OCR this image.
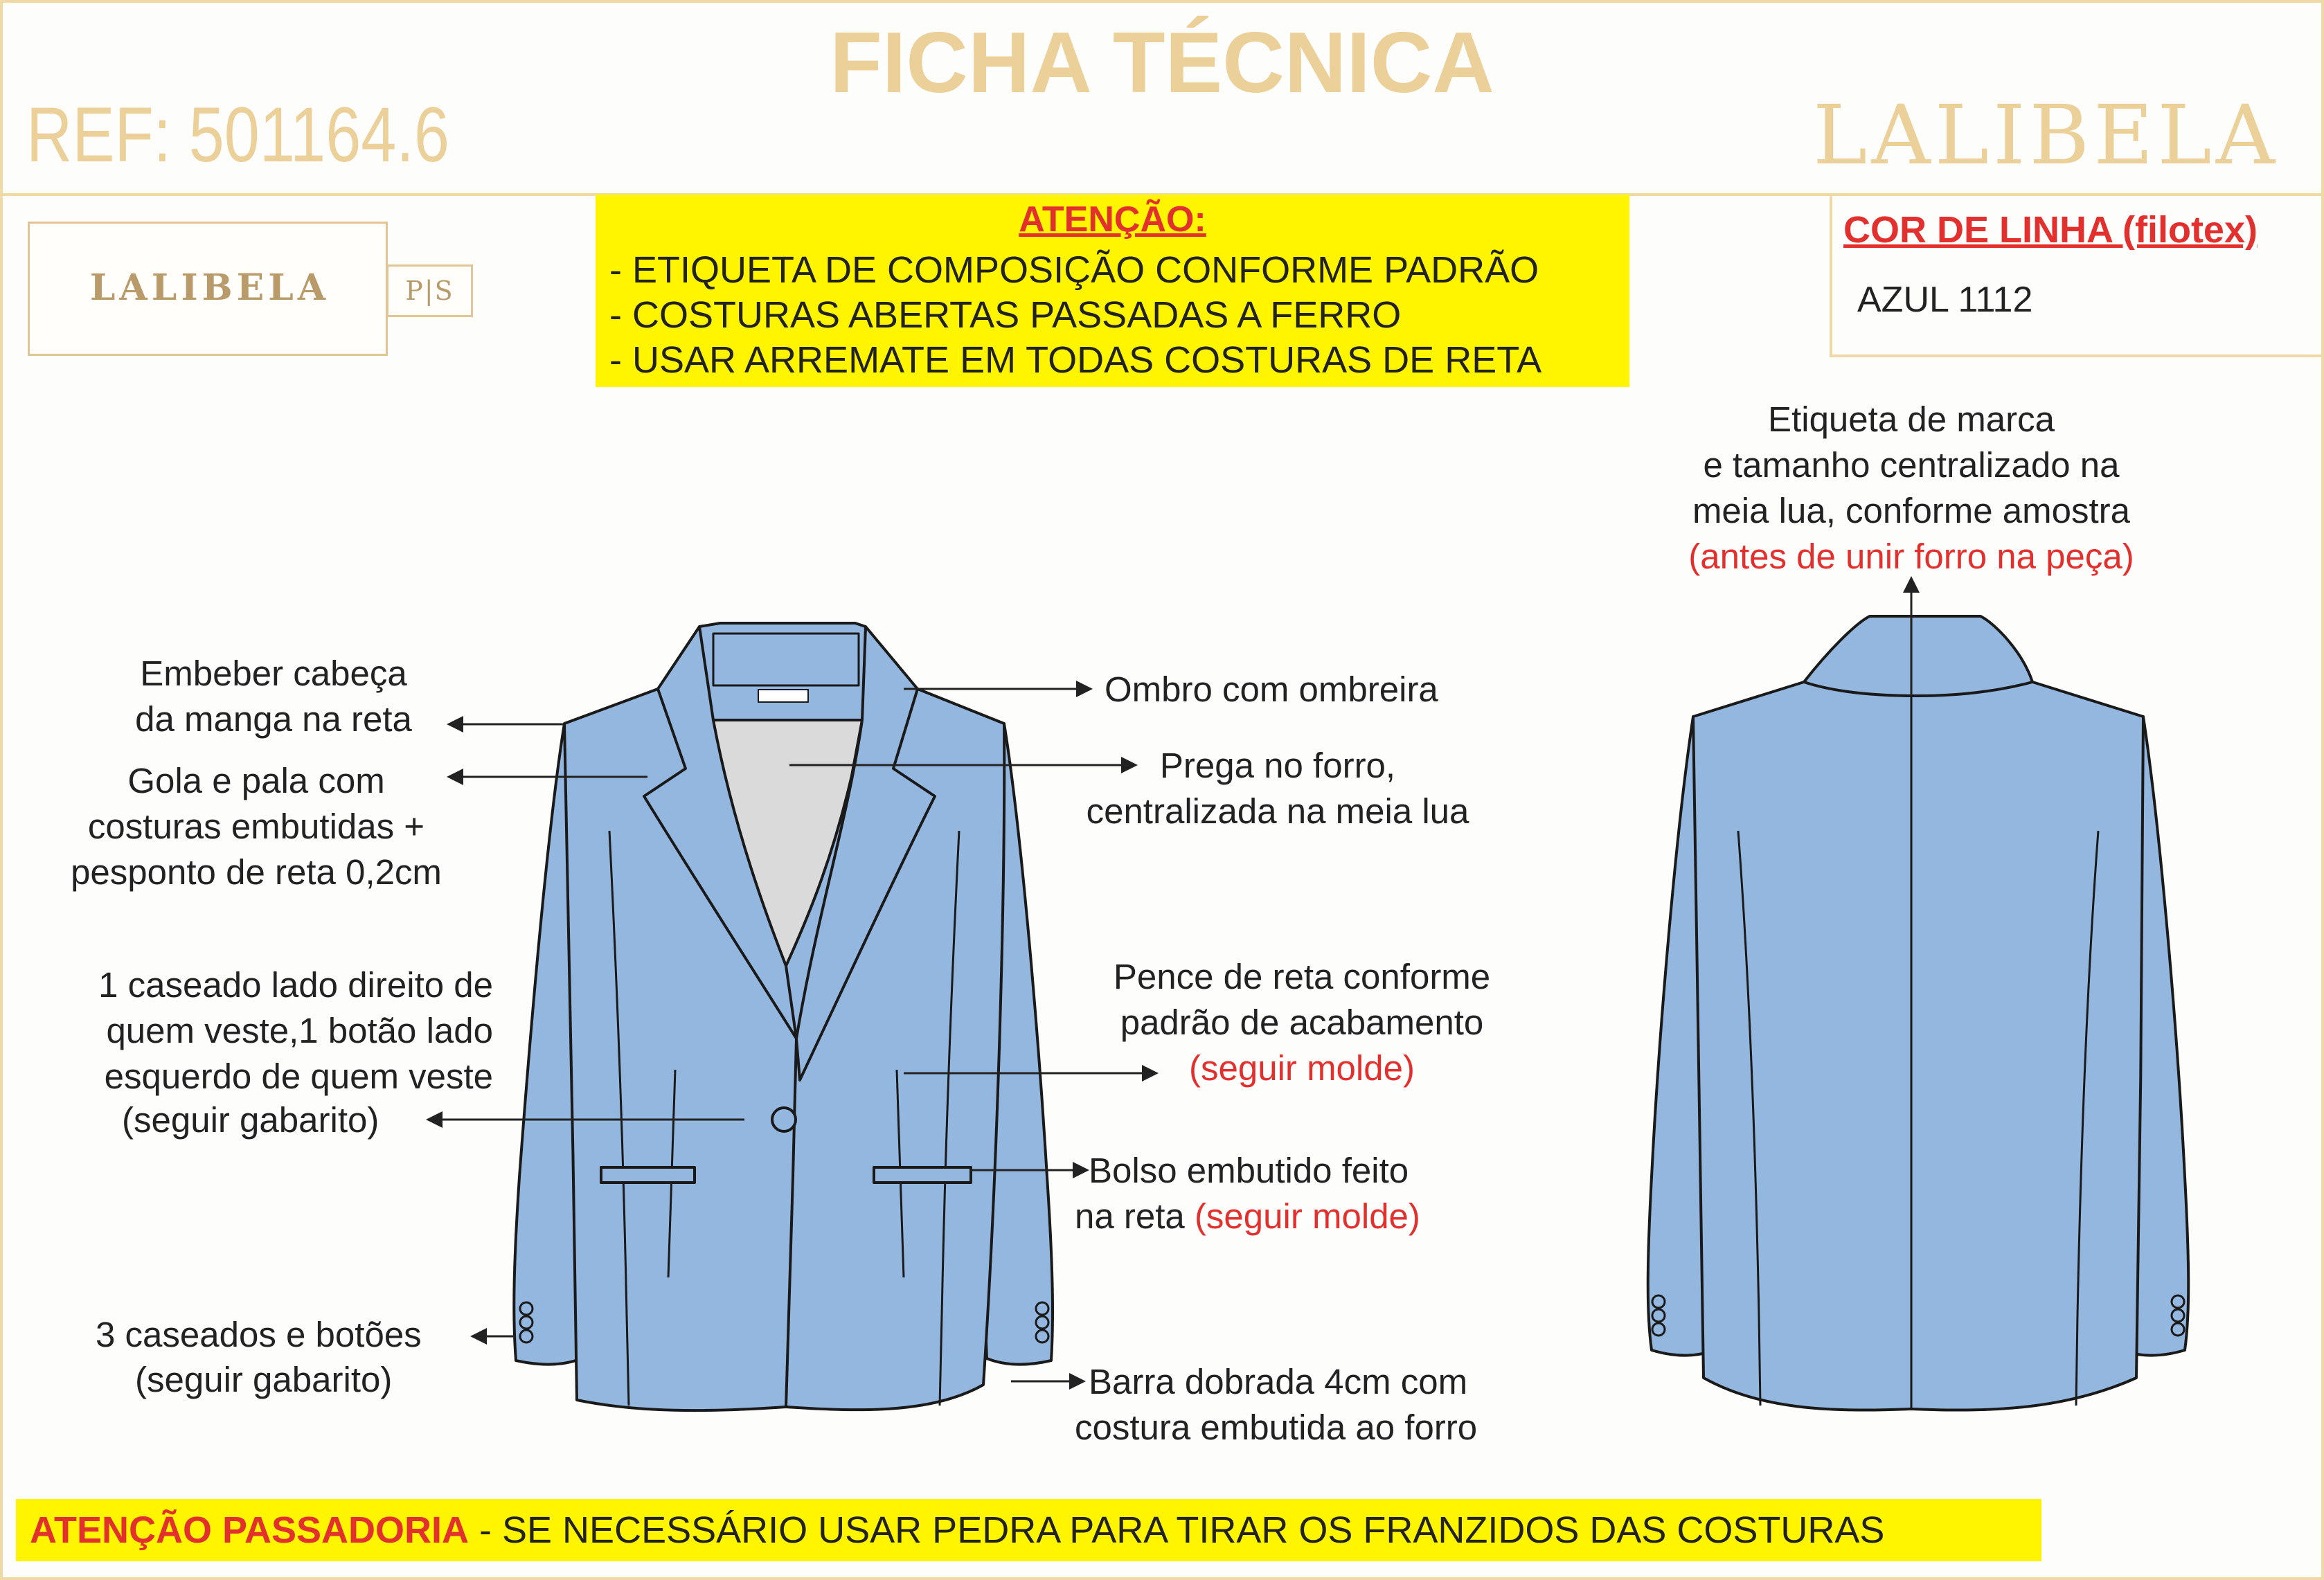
FICHA TÉCNICA
REF: 501164.6	LALIBELA
LALIBELA	P|S
ATENÇÃO:
- ETIQUETA DE COMPOSIÇÃO CONFORME PADRÃO
- COSTURAS ABERTAS PASSADAS A FERRO
- USAR ARREMATE EM TODAS COSTURAS DE RETA
COR DE LINHA (filotex)
AZUL 1112
Embeber cabeça
da manga na reta
Gola e pala com
costuras embutidas +
pesponto de reta 0,2cm
1 caseado lado direito de
quem veste,1 botão lado
esquerdo de quem veste
(seguir gabarito)
3 caseados e botões
(seguir gabarito)
Ombro com ombreira
Prega no forro,
centralizada na meia lua
Pence de reta conforme
padrão de acabamento
(seguir molde)
Bolso embutido feito
na reta (seguir molde)
Barra dobrada 4cm com
costura embutida ao forro
Etiqueta de marca
e tamanho centralizado na
meia lua, conforme amostra
(antes de unir forro na peça)
ATENÇÃO PASSADORIA - SE NECESSÁRIO USAR PEDRA PARA TIRAR OS FRANZIDOS DAS COSTURAS
